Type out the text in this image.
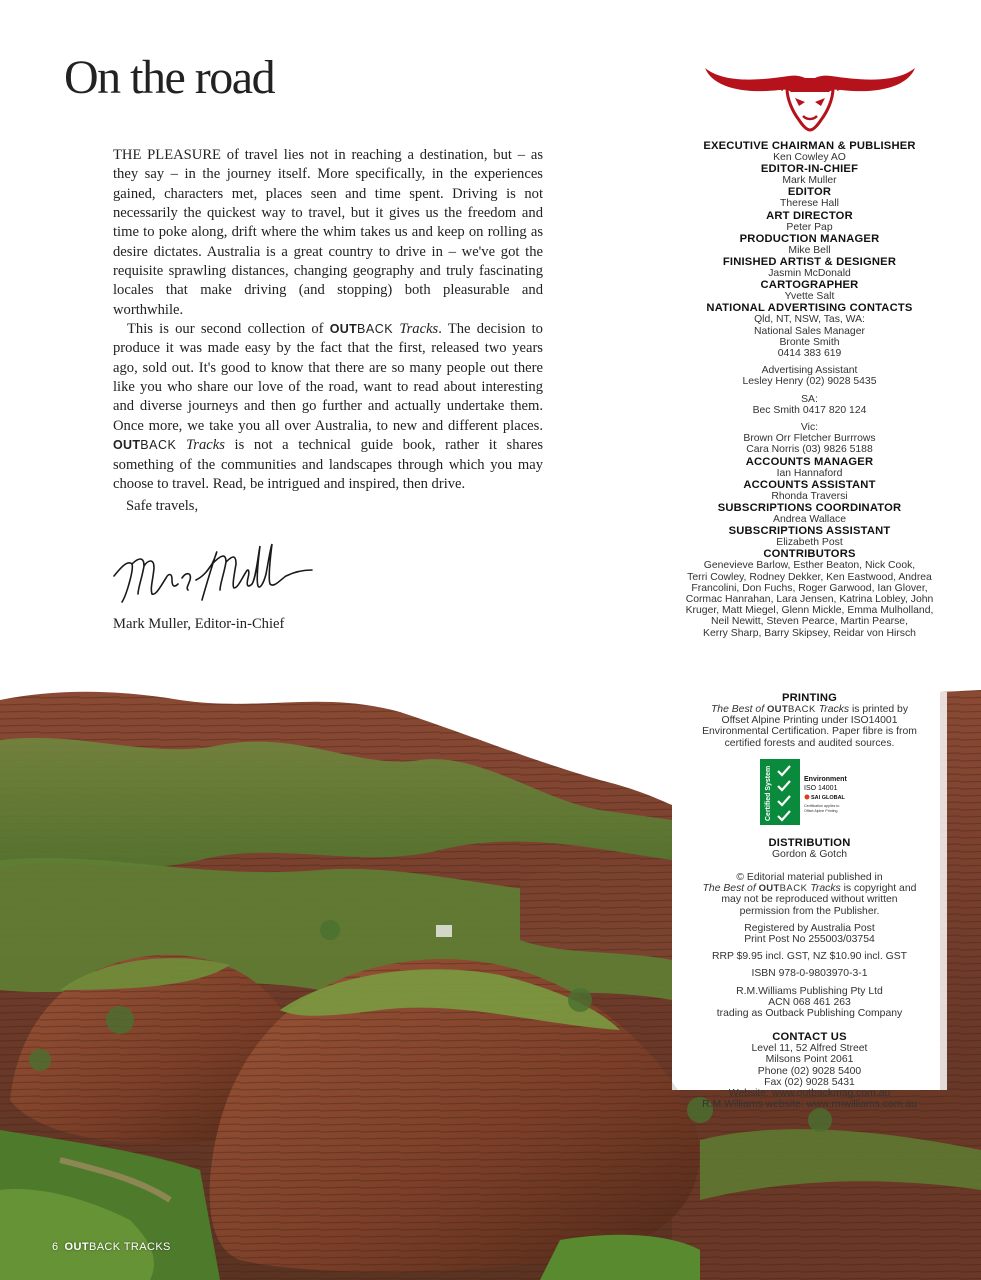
On the road

THE PLEASURE of travel lies not in reaching a destination, but – as they say – in the journey itself. More specifically, in the experiences gained, characters met, places seen and time spent. Driving is not necessarily the quickest way to travel, but it gives us the freedom and time to poke along, drift where the whim takes us and keep on rolling as desire dictates. Australia is a great country to drive in – we've got the requisite sprawling distances, changing geography and truly fascinating locales that make driving (and stopping) both pleasurable and worthwhile.

This is our second collection of OUTBACK Tracks. The decision to produce it was made easy by the fact that the first, released two years ago, sold out. It's good to know that there are so many people out there like you who share our love of the road, want to read about interesting and diverse journeys and then go further and actually undertake them. Once more, we take you all over Australia, to new and different places. OUTBACK Tracks is not a technical guide book, rather it shares something of the communities and landscapes through which you may choose to travel. Read, be intrigued and inspired, then drive.

Safe travels,
Mark Muller, Editor-in-Chief
EXECUTIVE CHAIRMAN & PUBLISHER
Ken Cowley AO
EDITOR-IN-CHIEF
Mark Muller
EDITOR
Therese Hall
ART DIRECTOR
Peter Pap
PRODUCTION MANAGER
Mike Bell
FINISHED ARTIST & DESIGNER
Jasmin McDonald
CARTOGRAPHER
Yvette Salt
NATIONAL ADVERTISING CONTACTS
Qld, NT, NSW, Tas, WA:
National Sales Manager
Bronte Smith
0414 383 619
Advertising Assistant
Lesley Henry (02) 9028 5435
SA:
Bec Smith 0417 820 124
Vic:
Brown Orr Fletcher Burrrows
Cara Norris (03) 9826 5188
ACCOUNTS MANAGER
Ian Hannaford
ACCOUNTS ASSISTANT
Rhonda Traversi
SUBSCRIPTIONS COORDINATOR
Andrea Wallace
SUBSCRIPTIONS ASSISTANT
Elizabeth Post
CONTRIBUTORS
Genevieve Barlow, Esther Beaton, Nick Cook,
Terri Cowley, Rodney Dekker, Ken Eastwood, Andrea
Francolini, Don Fuchs, Roger Garwood, Ian Glover,
Cormac Hanrahan, Lara Jensen, Katrina Lobley, John
Kruger, Matt Miegel, Glenn Mickle, Emma Mulholland,
Neil Newitt, Steven Pearce, Martin Pearse,
Kerry Sharp, Barry Skipsey, Reidar von Hirsch
PRINTING

The Best of OUTBACK Tracks is printed by

Offset Alpine Printing under ISO14001

Environmental Certification. Paper fibre is from

certified forests and audited sources.

Certified System	Environment
ISO 14001
SAI GLOBAL
Certification applies to
Offset Alpine Printing
DISTRIBUTION

Gordon & Gotch

© Editorial material published in

The Best of OUTBACK Tracks is copyright and

may not be reproduced without written

permission from the Publisher.

Registered by Australia Post

Print Post No 255003/03754

RRP $9.95 incl. GST, NZ $10.90 incl. GST

ISBN 978-0-9803970-3-1

R.M.Williams Publishing Pty Ltd

ACN 068 461 263

trading as Outback Publishing Company

CONTACT US

Level 11, 52 Alfred Street

Milsons Point 2061

Phone (02) 9028 5400

Fax (02) 9028 5431

Website: www.outbackmag.com.au

R.M.Williams website: www.rmwilliams.com.au

6 OUTBACK TRACKS
